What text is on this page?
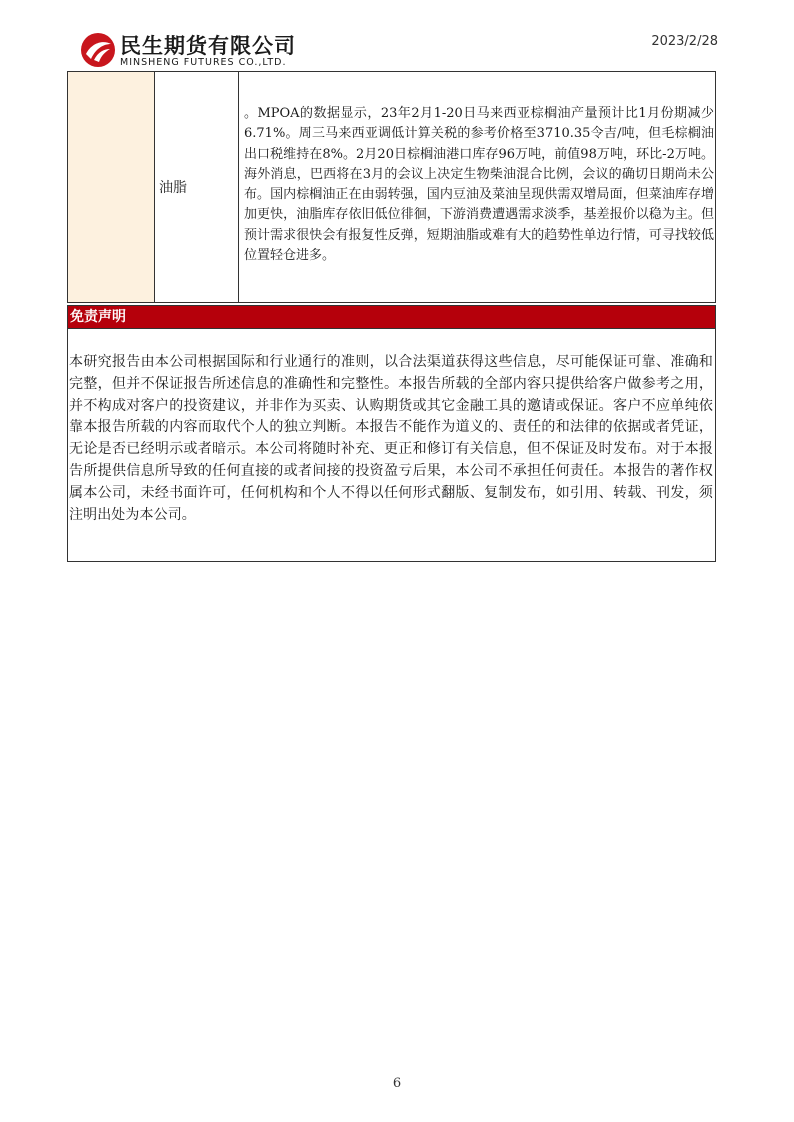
民生期货有限公司
MINSHENG FUTURES CO.,LTD.
2023/2/28
油脂
。MPOA的数据显示，23年2月1-20日马来西亚棕榈油产量预计比1月份期减少6.71%。周三马来西亚调低计算关税的参考价格至3710.35令吉/吨，但毛棕榈油出口税维持在8%。2月20日棕榈油港口库存96万吨，前值98万吨，环比-2万吨。海外消息，巴西将在3月的会议上决定生物柴油混合比例，会议的确切日期尚未公布。国内棕榈油正在由弱转强，国内豆油及菜油呈现供需双增局面，但菜油库存增加更快，油脂库存依旧低位徘徊，下游消费遭遇需求淡季，基差报价以稳为主。但预计需求很快会有报复性反弹，短期油脂或难有大的趋势性单边行情，可寻找较低位置轻仓进多。
免责声明
本研究报告由本公司根据国际和行业通行的准则，以合法渠道获得这些信息，尽可能保证可靠、准确和完整，但并不保证报告所述信息的准确性和完整性。本报告所载的全部内容只提供给客户做参考之用，并不构成对客户的投资建议，并非作为买卖、认购期货或其它金融工具的邀请或保证。客户不应单纯依靠本报告所载的内容而取代个人的独立判断。本报告不能作为道义的、责任的和法律的依据或者凭证，无论是否已经明示或者暗示。本公司将随时补充、更正和修订有关信息，但不保证及时发布。对于本报告所提供信息所导致的任何直接的或者间接的投资盈亏后果，本公司不承担任何责任。本报告的著作权属本公司，未经书面许可，任何机构和个人不得以任何形式翻版、复制发布，如引用、转载、刊发，须注明出处为本公司。
6
